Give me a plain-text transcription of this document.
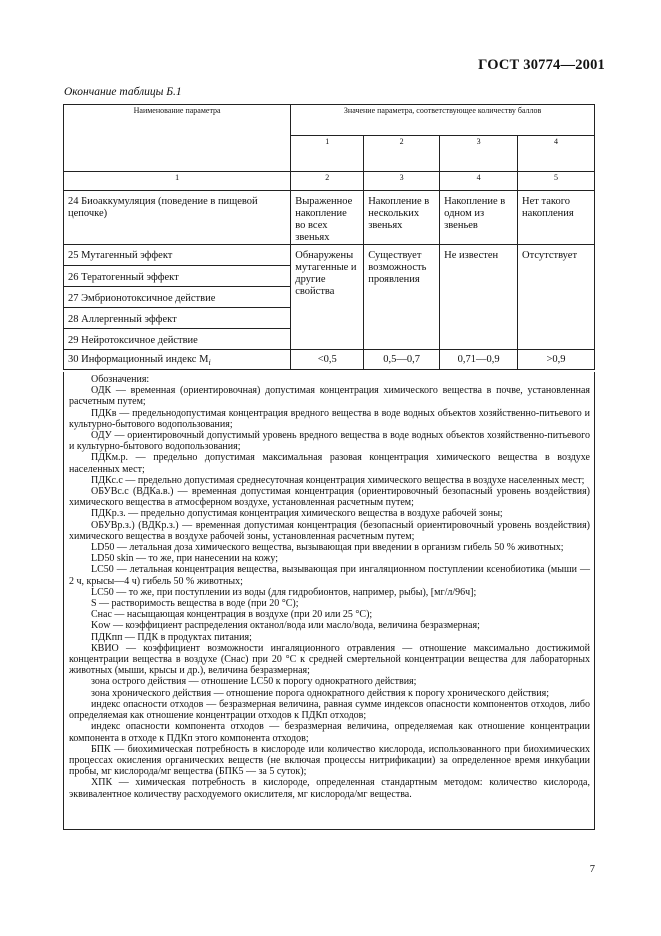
ГОСТ 30774—2001
Окончание таблицы Б.1
Наименование параметра	Значение параметра, соответствующее количеству баллов			
	1	2	3	4
1	2	3	4	5
24 Биоаккумуляция (поведение в пищевой цепочке)	Выраженное накопление во всех звеньях	Накопление в нескольких звеньях	Накопление в одном из звеньев	Нет такого накопления
25 Мутагенный эффект	Обнаружены мутагенные и другие свойства	Существует возможность проявления	Не известен	Отсутствует
26 Тератогенный эффект				
27 Эмбрионотоксичное действие				
28 Аллергенный эффект				
29 Нейротоксичное действие				
30 Информационный индекс $M_i$	<0,5	0,5—0,7	0,71—0,9	>0,9

Обозначения:

ОДК — временная (ориентировочная) допустимая концентрация химического вещества в почве, установленная расчетным путем;

ПДКв — предельнодопустимая концентрация вредного вещества в воде водных объектов хозяйственно-питьевого и культурно-бытового водопользования;

ОДУ — ориентировочный допустимый уровень вредного вещества в воде водных объектов хозяйственно-питьевого и культурно-бытового водопользования;

ПДКм.р. — предельно допустимая максимальная разовая концентрация химического вещества в воздухе населенных мест;

ПДКс.с — предельно допустимая среднесуточная концентрация химического вещества в воздухе населенных мест;

ОБУВс.с (ВДКа.в.) — временная допустимая концентрация (ориентировочный безопасный уровень воздействия) химического вещества в атмосферном воздухе, установленная расчетным путем;

ПДКр.з. — предельно допустимая концентрация химического вещества в воздухе рабочей зоны;

ОБУВр.з.) (ВДКр.з.) — временная допустимая концентрация (безопасный ориентировочный уровень воздействия) химического вещества в воздухе рабочей зоны, установленная расчетным путем;

LD50 — летальная доза химического вещества, вызывающая при введении в организм гибель 50 % животных;

LD50 skin — то же, при нанесении на кожу;

LC50 — летальная концентрация вещества, вызывающая при ингаляционном поступлении ксенобиотика (мыши — 2 ч, крысы—4 ч) гибель 50 % животных;

LC50 — то же, при поступлении из воды (для гидробионтов, например, рыбы), [мг/л/96ч];

S — растворимость вещества в воде (при 20 °С);

Снас — насыщающая концентрация в воздухе (при 20 или 25 °С);

Kow — коэффициент распределения октанол/вода или масло/вода, величина безразмерная;

ПДКпп — ПДК в продуктах питания;

КВИО — коэффициент возможности ингаляционного отравления — отношение максимально достижимой концентрации вещества в воздухе (Снас) при 20 °С к средней смертельной концентрации вещества для лабораторных животных (мыши, крысы и др.), величина безразмерная;

зона острого действия — отношение LC50 к порогу однократного действия;

зона хронического действия — отношение порога однократного действия к порогу хронического действия;

индекс опасности отходов — безразмерная величина, равная сумме индексов опасности компонентов отходов, либо определяемая как отношение концентрации отходов к ПДКп отходов;

индекс опасности компонента отходов — безразмерная величина, определяемая как отношение концентрации компонента в отходе к ПДКп этого компонента отходов;

БПК — биохимическая потребность в кислороде или количество кислорода, использованного при биохимических процессах окисления органических веществ (не включая процессы нитрификации) за определенное время инкубации пробы, мг кислорода/мг вещества (БПК5 — за 5 суток);

ХПК — химическая потребность в кислороде, определенная стандартным методом: количество кислорода, эквивалентное количеству расходуемого окислителя, мг кислорода/мг вещества.

7
